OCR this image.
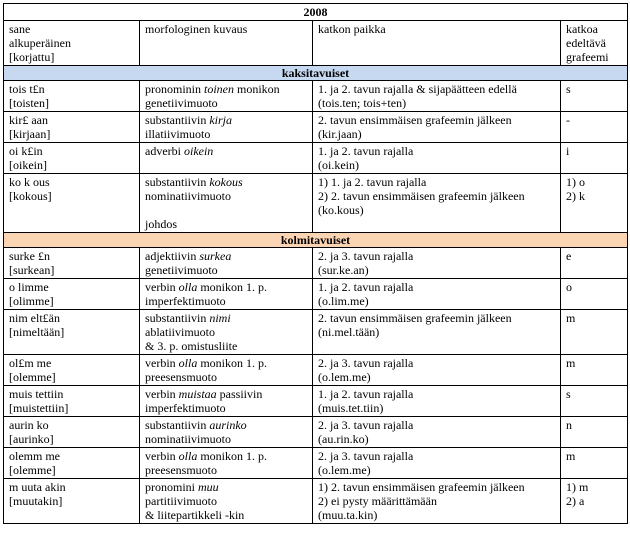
2008			

sane
alkuperäinen
[korjattu]	morfologinen kuvaus	katkon paikka	katkoa
edeltävä
grafeemi

kaksitavuiset			

tois t£n
[toisten]	pronominin toinen monikon
genetiivimuoto	1. ja 2. tavun rajalla & sijapäätteen edellä
(tois.ten; tois+ten)	s

kir£ aan
[kirjaan]	substantiivin kirja
illatiivimuoto	2. tavun ensimmäisen grafeemin jälkeen
(kir.jaan)	-

oi k£in
[oikein]	adverbi oikein	1. ja 2. tavun rajalla
(oi.kein)	i

ko k ous
[kokous]	substantiivin kokous
nominatiivimuoto
johdos	1) 1. ja 2. tavun rajalla
2) 2. tavun ensimmäisen grafeemin jälkeen
(ko.kous)	1) o
2) k

kolmitavuiset			

surke £n
[surkean]	adjektiivin surkea
genetiivimuoto	2. ja 3. tavun rajalla
(sur.ke.an)	e

o limme
[olimme]	verbin olla monikon 1. p.
imperfektimuoto	1. ja 2. tavun rajalla
(o.lim.me)	o

nim elt£än
[nimeltään]	substantiivin nimi
ablatiivimuoto
& 3. p. omistusliite	2. tavun ensimmäisen grafeemin jälkeen
(ni.mel.tään)	m

ol£m me
[olemme]	verbin olla monikon 1. p.
preesensmuoto	2. ja 3. tavun rajalla
(o.lem.me)	m

muis tettiin
[muistettiin]	verbin muistaa passiivin
imperfektimuoto	1. ja 2. tavun rajalla
(muis.tet.tiin)	s

aurin ko
[aurinko]	substantiivin aurinko
nominatiivimuoto	2. ja 3. tavun rajalla
(au.rin.ko)	n

olemm me
[olemme]	verbin olla monikon 1. p.
preesensmuoto	2. ja 3. tavun rajalla
(o.lem.me)	m

m uuta akin
[muutakin]	pronomini muu
partitiivimuoto
& liitepartikkeli -kin	1) 2. tavun ensimmäisen grafeemin jälkeen
2) ei pysty määrittämään
(muu.ta.kin)	1) m
2) a
